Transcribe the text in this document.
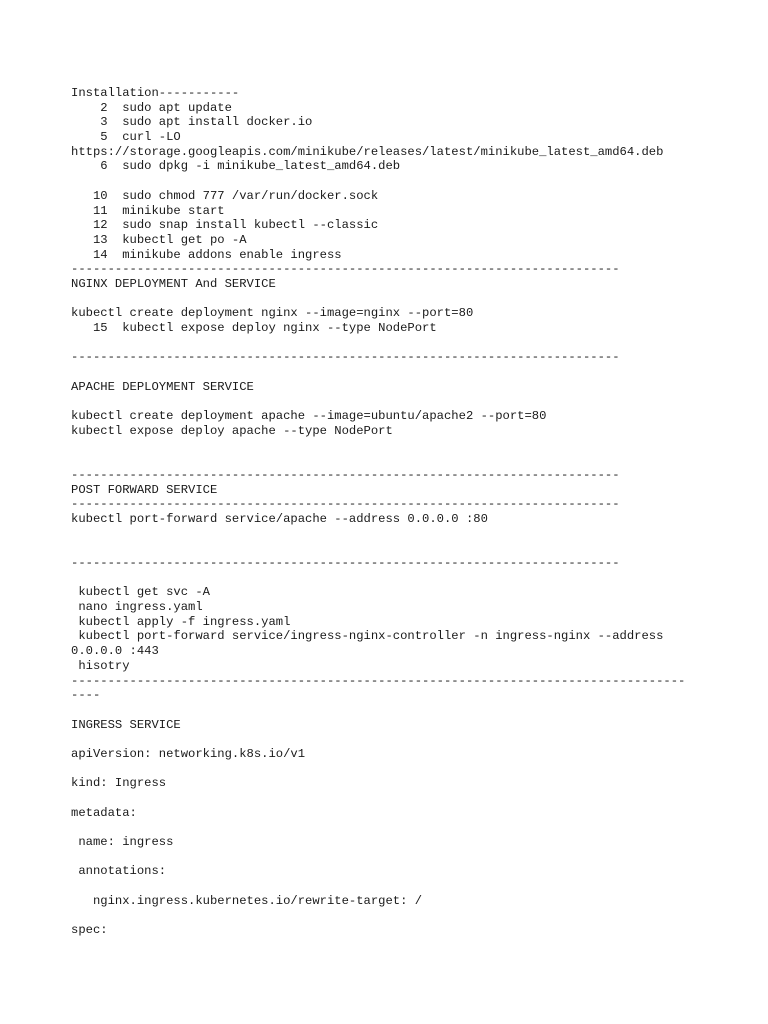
Installation-----------
2  sudo apt update
3  sudo apt install docker.io
5  curl -LO
https://storage.googleapis.com/minikube/releases/latest/minikube_latest_amd64.deb
6  sudo dpkg -i minikube_latest_amd64.deb
10  sudo chmod 777 /var/run/docker.sock
11  minikube start
12  sudo snap install kubectl --classic
13  kubectl get po -A
14  minikube addons enable ingress
---------------------------------------------------------------------------
NGINX DEPLOYMENT And SERVICE
kubectl create deployment nginx --image=nginx --port=80
15  kubectl expose deploy nginx --type NodePort
---------------------------------------------------------------------------
APACHE DEPLOYMENT SERVICE
kubectl create deployment apache --image=ubuntu/apache2 --port=80
kubectl expose deploy apache --type NodePort
---------------------------------------------------------------------------
POST FORWARD SERVICE
---------------------------------------------------------------------------
kubectl port-forward service/apache --address 0.0.0.0 :80
---------------------------------------------------------------------------
kubectl get svc -A
nano ingress.yaml
kubectl apply -f ingress.yaml
kubectl port-forward service/ingress-nginx-controller -n ingress-nginx --address
0.0.0.0 :443
hisotry
------------------------------------------------------------------------------------
----
INGRESS SERVICE
apiVersion: networking.k8s.io/v1
kind: Ingress
metadata:
name: ingress
annotations:
nginx.ingress.kubernetes.io/rewrite-target: /
spec:
